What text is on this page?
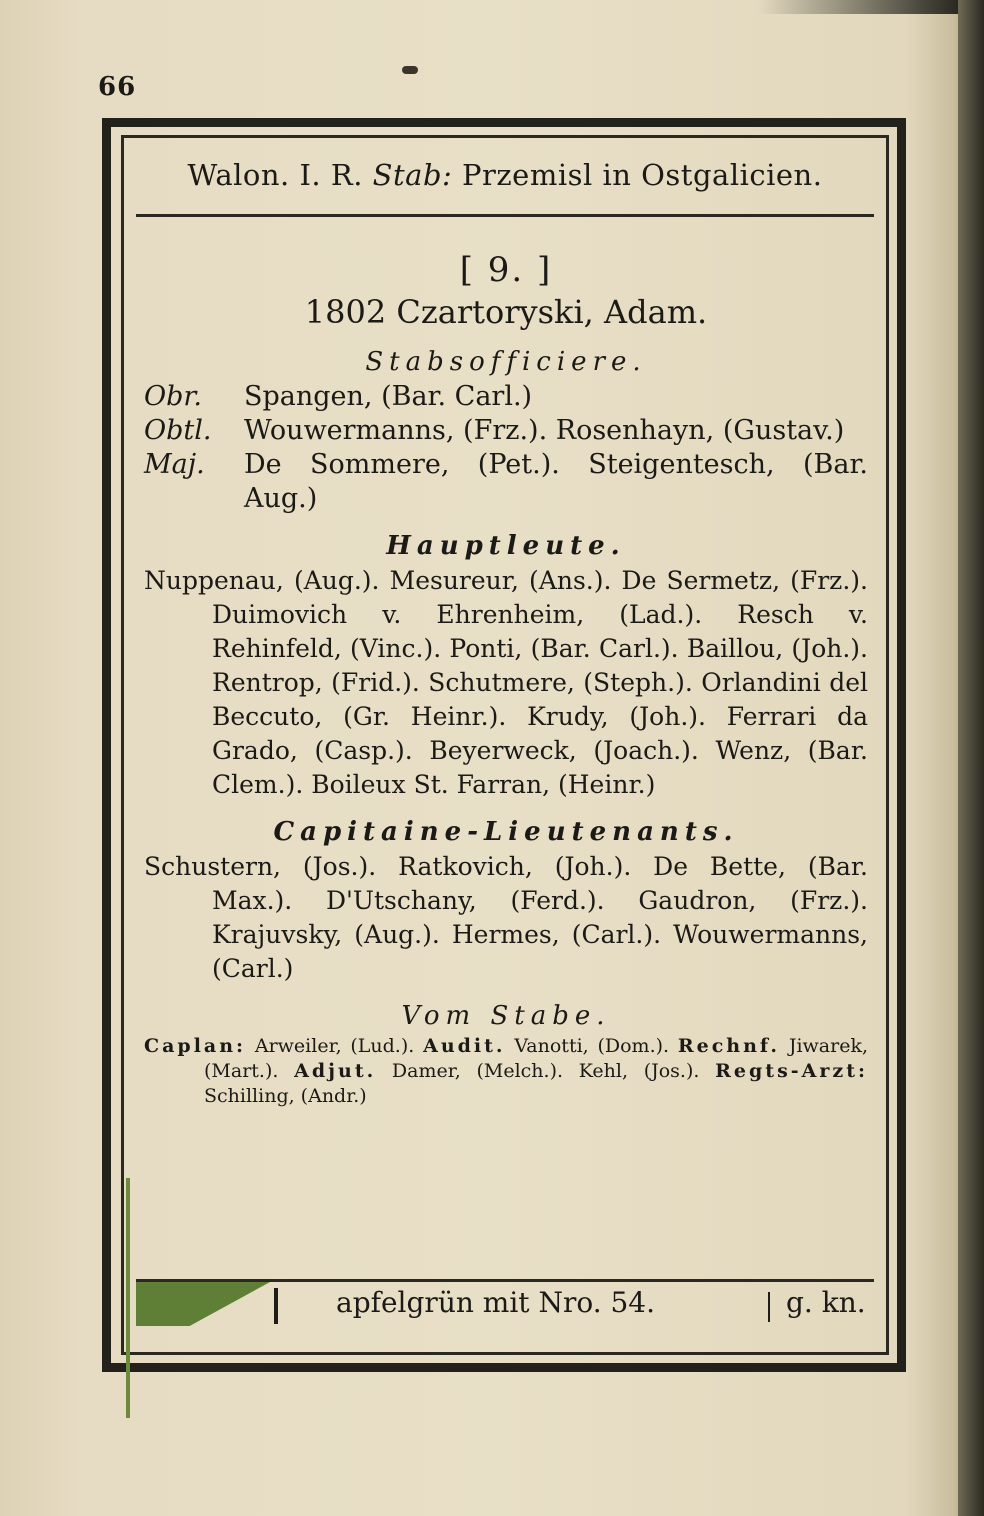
66
Walon. I. R. Stab: Przemisl in Ostgalicien.
[ 9. ]
1802 Czartoryski, Adam.
Stabsofficiere.
Obr.	Spangen, (Bar. Carl.)
Obtl.	Wouwermanns, (Frz.). Rosenhayn, (Gustav.)
Maj.	De Sommere, (Pet.). Steigentesch, (Bar. Aug.)
Hauptleute.
Nuppenau, (Aug.). Mesureur, (Ans.). De Sermetz, (Frz.). Duimovich v. Ehrenheim, (Lad.). Resch v. Rehinfeld, (Vinc.). Ponti, (Bar. Carl.). Baillou, (Joh.). Rentrop, (Frid.). Schutmere, (Steph.). Orlandini del Beccuto, (Gr. Heinr.). Krudy, (Joh.). Ferrari da Grado, (Casp.). Beyerweck, (Joach.). Wenz, (Bar. Clem.). Boileux St. Farran, (Heinr.)
Capitaine-Lieutenants.
Schustern, (Jos.). Ratkovich, (Joh.). De Bette, (Bar. Max.). D'Utschany, (Ferd.). Gaudron, (Frz.). Krajuvsky, (Aug.). Hermes, (Carl.). Wouwermanns, (Carl.)
Vom Stabe.
Caplan: Arweiler, (Lud.). Audit. Vanotti, (Dom.). Rechnf. Jiwarek, (Mart.). Adjut. Damer, (Melch.). Kehl, (Jos.). Regts-Arzt: Schilling, (Andr.)
apfelgrün mit Nro. 54.	g. kn.
